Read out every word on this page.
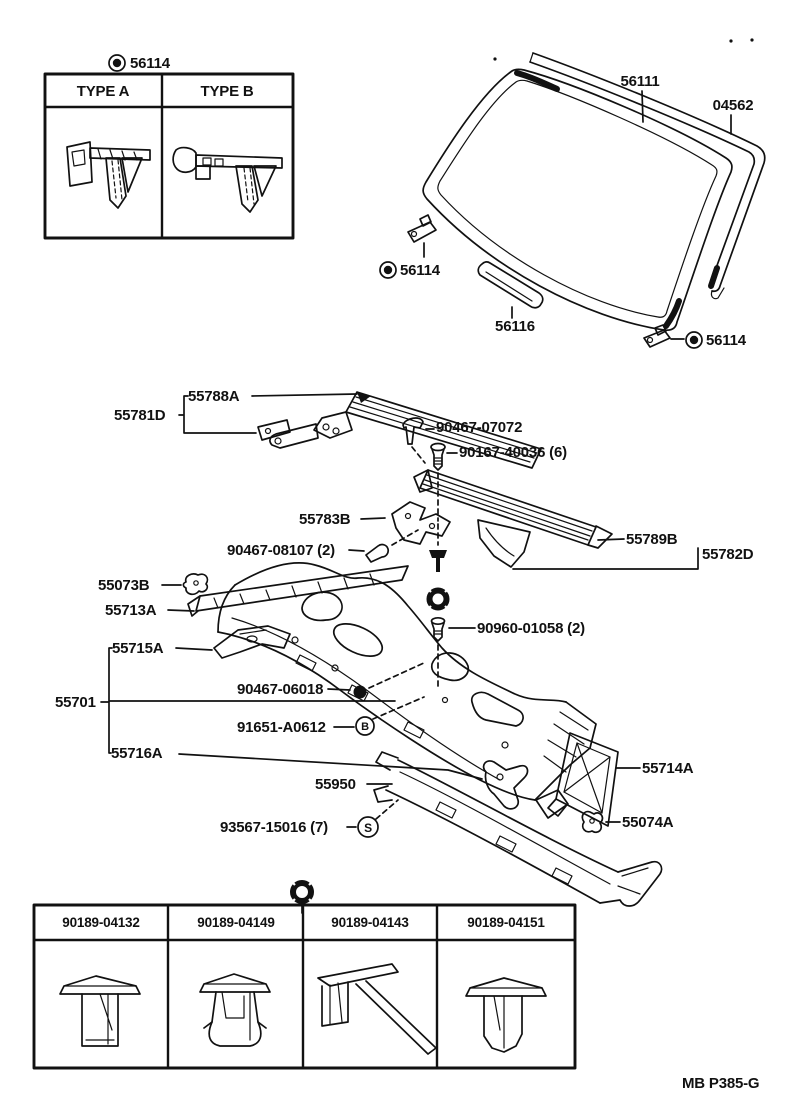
56114
TYPE A	TYPE B
56111
04562
56114
56116
56114
55788A
55781D
90467-07072
90167-40036 (6)
55789B
55782D
55783B
90467-08107 (2)
90960-01058 (2)
55073B
55713A
55715A
55701
90467-06018
91651-A0612	B
55716A
55950
93567-15016 (7)	S
55714A
55074A
90189-04132	90189-04149	90189-04143	90189-04151
MB P385-G
